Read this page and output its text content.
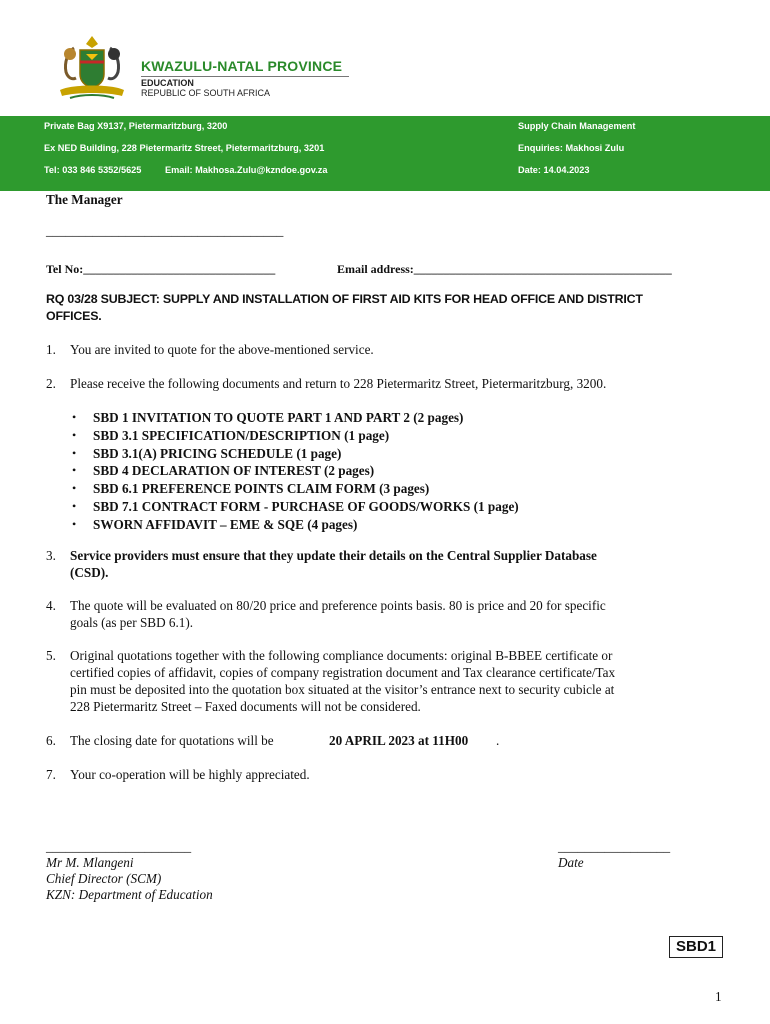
KWAZULU-NATAL PROVINCE
EDUCATION
REPUBLIC OF SOUTH AFRICA
Private Bag X9137, Pietermaritzburg, 3200
Ex NED Building, 228 Pietermaritz Street, Pietermaritzburg, 3201
Tel: 033 846 5352/5625	Email: Makhosa.Zulu@kzndoe.gov.za
Supply Chain Management
Enquiries: Makhosi Zulu
Date: 14.04.2023
The Manager
____________________________________
Tel No:________________________________	Email address:___________________________________________
RQ 03/28 SUBJECT: SUPPLY AND INSTALLATION OF FIRST AID KITS FOR HEAD OFFICE AND DISTRICT
OFFICES.
1. You are invited to quote for the above-mentioned service.
2. Please receive the following documents and return to 228 Pietermaritz Street, Pietermaritzburg, 3200.
• SBD 1 INVITATION TO QUOTE PART 1 AND PART 2 (2 pages)
• SBD 3.1 SPECIFICATION/DESCRIPTION (1 page)
• SBD 3.1(A) PRICING SCHEDULE (1 page)
• SBD 4 DECLARATION OF INTEREST (2 pages)
• SBD 6.1 PREFERENCE POINTS CLAIM FORM (3 pages)
• SBD 7.1 CONTRACT FORM - PURCHASE OF GOODS/WORKS (1 page)
• SWORN AFFIDAVIT – EME & SQE (4 pages)
3. Service providers must ensure that they update their details on the Central Supplier Database
(CSD).
4. The quote will be evaluated on 80/20 price and preference points basis. 80 is price and 20 for specific
goals (as per SBD 6.1).
5. Original quotations together with the following compliance documents: original B-BBEE certificate or
certified copies of affidavit, copies of company registration document and Tax clearance certificate/Tax
pin must be deposited into the quotation box situated at the visitor’s entrance next to security cubicle at
228 Pietermaritz Street – Faxed documents will not be considered.
6. The closing date for quotations will be	20 APRIL 2023 at 11H00 .
7. Your co-operation will be highly appreciated.
______________________
Mr M. Mlangeni
Chief Director (SCM)
KZN: Department of Education
_________________
Date
SBD1
1
